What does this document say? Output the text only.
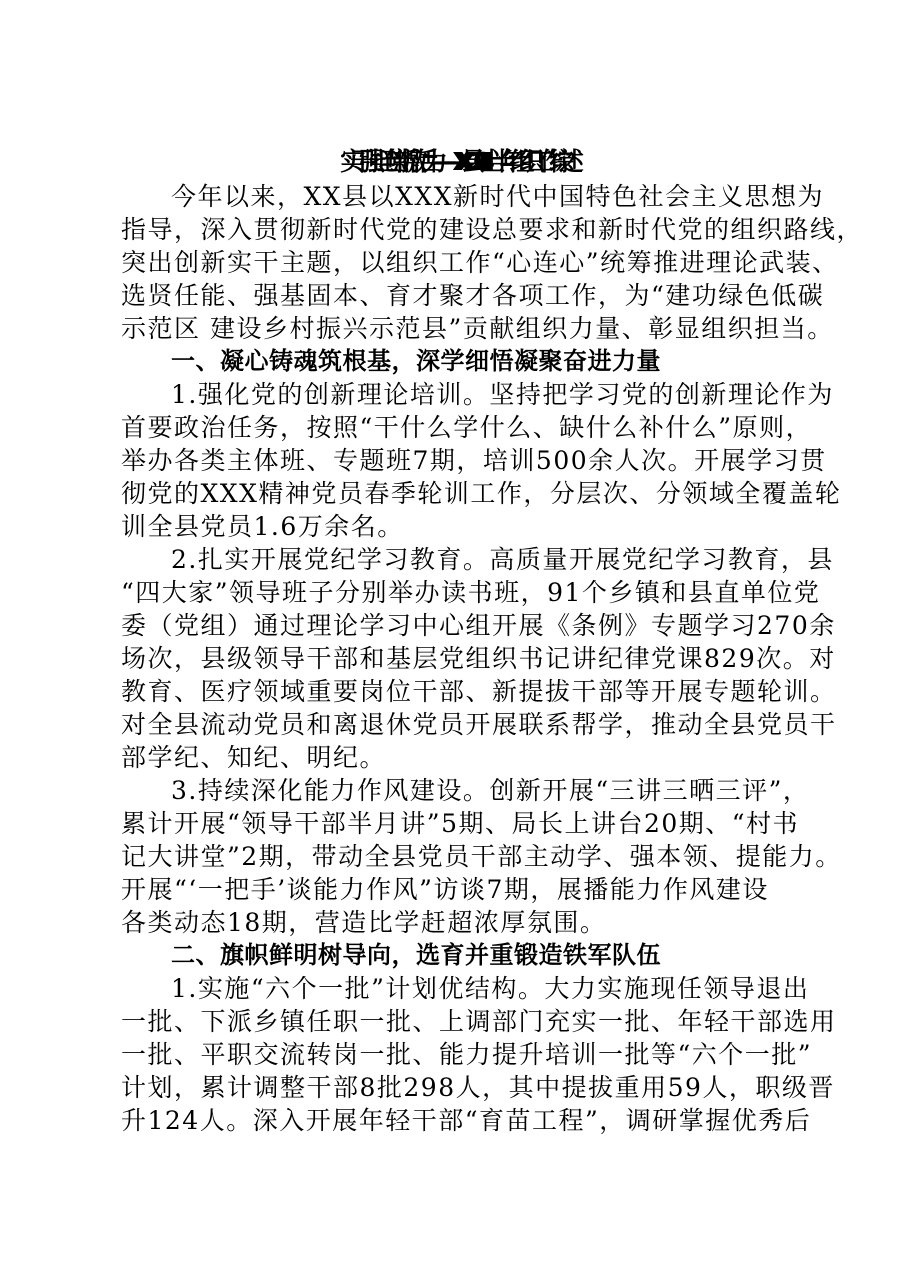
实干强担当 创新激活力——XX县2024上半年组织工作综述
今年以来，XX县以XXX新时代中国特色社会主义思想为
指导，深入贯彻新时代党的建设总要求和新时代党的组织路线，
突出创新实干主题，以组织工作“心连心”统筹推进理论武装、
选贤任能、强基固本、育才聚才各项工作，为“建功绿色低碳
示范区 建设乡村振兴示范县”贡献组织力量、彰显组织担当。
一、凝心铸魂筑根基，深学细悟凝聚奋进力量
1.强化党的创新理论培训。坚持把学习党的创新理论作为
首要政治任务，按照“干什么学什么、缺什么补什么”原则，
举办各类主体班、专题班7期，培训500余人次。开展学习贯
彻党的XXX精神党员春季轮训工作，分层次、分领域全覆盖轮
训全县党员1.6万余名。
2.扎实开展党纪学习教育。高质量开展党纪学习教育，县
“四大家”领导班子分别举办读书班，91个乡镇和县直单位党
委（党组）通过理论学习中心组开展《条例》专题学习270余
场次，县级领导干部和基层党组织书记讲纪律党课829次。对
教育、医疗领域重要岗位干部、新提拔干部等开展专题轮训。
对全县流动党员和离退休党员开展联系帮学，推动全县党员干
部学纪、知纪、明纪。
3.持续深化能力作风建设。创新开展“三讲三晒三评”，
累计开展“领导干部半月讲”5期、局长上讲台20期、“村书
记大讲堂”2期，带动全县党员干部主动学、强本领、提能力。
开展“‘一把手’谈能力作风”访谈7期，展播能力作风建设
各类动态18期，营造比学赶超浓厚氛围。
二、旗帜鲜明树导向，选育并重锻造铁军队伍
1.实施“六个一批”计划优结构。大力实施现任领导退出
一批、下派乡镇任职一批、上调部门充实一批、年轻干部选用
一批、平职交流转岗一批、能力提升培训一批等“六个一批”
计划，累计调整干部8批298人，其中提拔重用59人，职级晋
升124人。深入开展年轻干部“育苗工程”，调研掌握优秀后
